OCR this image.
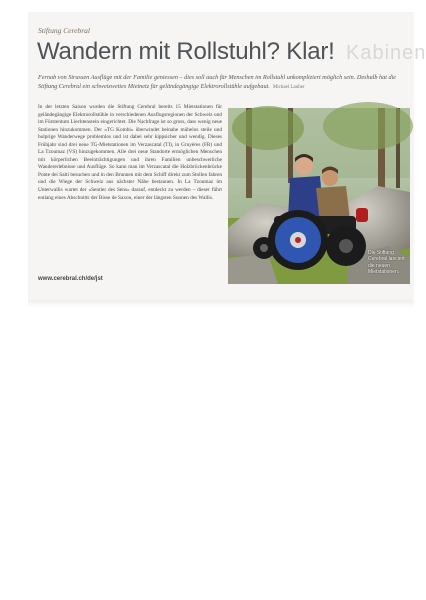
Stiftung Cerebral
Wandern mit Rollstuhl? Klar! Kabinen
Fernab von Strassen Ausflüge mit der Familie geniessen – dies soll auch für Menschen im Rollstuhl unkompliziert möglich sein. Deshalb hat die Stiftung Cerebral ein schweizweites Mietnetz für geländegängige Elektrorollstühle aufgebaut. Michael Lauber
In der letzten Saison wurden die Stiftung Cerebral bereits 15 Mietstationen für geländegängige Elektrorollstühle in verschiedenen Ausflugsregionen der Schweiz und im Fürstentum Liechtenstein eingerichtet. Die Nachfrage ist so gross, dass wenig neue Stationen hinzukommen. Der «TG Kombi» überwindet beinahe mühelos steile und holprige Wanderwege problemlos und ist dabei sehr kippsicher und wendig. Dieses Frühjahr sind drei neue TG-Mietstationen im Verzascatal (TI), in Gruyères (FR) und La Tzoumaz (VS) hinzugekommen. Alle drei neue Standorte ermöglichen Menschen mit körperlichen Beeinträchtigungen und ihren Familien unbeschwerliche Wandererlebnisse und Ausflüge. So kann man im Verzascatal die Holzbrückenbrücke Ponte dei Salti besuchen und in den Brunnen mit dem Schiff direkt zum Stollen fahren und die Wiege der Schweiz aus nächster Nähe bestaunen. In La Tzoumaz im Unterwallis wartet der «Sentier des Sens» darauf, entdeckt zu werden – dieser führt entlang eines Abschnitts der Bisse de Saxon, einer der längsten Suonen des Wallis.
www.cerebral.ch/de/jst
Die Stiftung Cerebral lanciert die neuen Mietstationen.
